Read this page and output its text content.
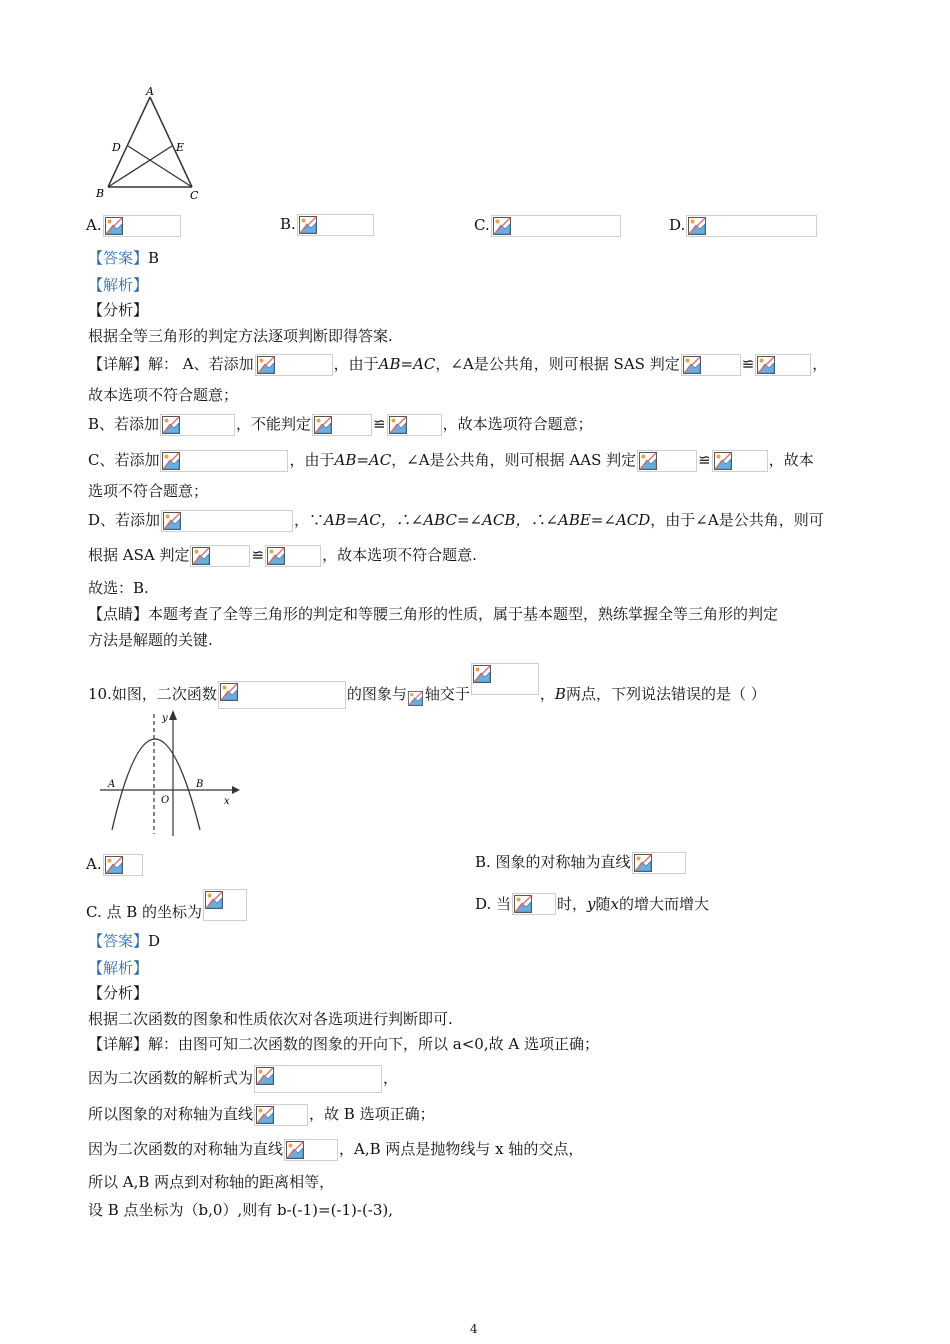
A
D	E
B	C
A.	B.	C.	D.
【答案】B
【解析】
【分析】
根据全等三角形的判定方法逐项判断即得答案.
【详解】解： A、若添加	，由于AB=AC，∠A是公共角，则可根据 SAS 判定	≌	，
故本选项不符合题意；
B、若添加	，不能判定	≌	，故本选项符合题意；
C、若添加	，由于AB=AC，∠A是公共角，则可根据 AAS 判定	≌	，故本
选项不符合题意；
D、若添加	，∵AB=AC，∴∠ABC=∠ACB，∴∠ABE=∠ACD，由于∠A是公共角，则可
根据 ASA 判定	≌	，故本选项不符合题意.
故选：B.
【点睛】本题考查了全等三角形的判定和等腰三角形的性质，属于基本题型，熟练掌握全等三角形的判定
方法是解题的关键.
10.如图，二次函数	的图象与 轴交于	，B两点，下列说法错误的是（ ）
y
A
O
B
x
A.	B. 图象的对称轴为直线
C. 点 B 的坐标为	D. 当	时，y随x的增大而增大
【答案】D
【解析】
【分析】
根据二次函数的图象和性质依次对各选项进行判断即可.
【详解】解：由图可知二次函数的图象的开向下，所以 a<0,故 A 选项正确；
因为二次函数的解析式为	，
所以图象的对称轴为直线	，故 B 选项正确；
因为二次函数的对称轴为直线	，A,B 两点是抛物线与 x 轴的交点，
所以 A,B 两点到对称轴的距离相等，
设 B 点坐标为（b,0）,则有 b-(-1)=(-1)-(-3),
4
